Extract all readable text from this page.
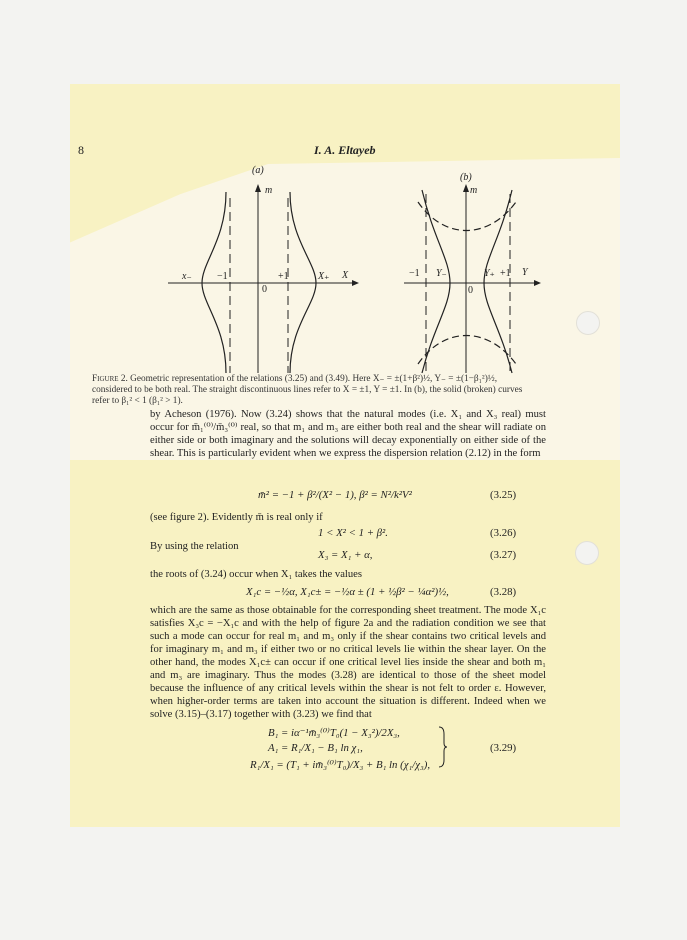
8	I. A. Eltayeb
(a)
m
X
x₋	X₊
−1	+1
0
(b)
m
Y
Y₋	Y₊
−1	+1
0
Figure 2. Geometric representation of the relations (3.25) and (3.49). Here X₋ = ±(1+β²)½, Y₋ = ±(1−β₁²)½, considered to be both real. The straight discontinuous lines refer to X = ±1, Y = ±1. In (b), the solid (broken) curves refer to β₁² < 1 (β₁² > 1).
by Acheson (1976). Now (3.24) shows that the natural modes (i.e. X₁ and X₃ real) must occur for m̄₁⁽⁰⁾/m̄₃⁽⁰⁾ real, so that m₁ and m₃ are either both real and the shear will radiate on either side or both imaginary and the solutions will decay exponentially on either side of the shear. This is particularly evident when we express the dispersion relation (2.12) in the form
m̄² = −1 + β²/(X² − 1), β² = N²/k²V²	(3.25)
(see figure 2). Evidently m̄ is real only if
1 < X² < 1 + β².	(3.26)
By using the relation
X₃ = X₁ + α,	(3.27)
the roots of (3.24) occur when X₁ takes the values
X₁c = −½α, X₁c± = −½α ± (1 + ½β² − ¼α²)½,	(3.28)
which are the same as those obtainable for the corresponding sheet treatment. The mode X₁c satisfies X₃c = −X₁c and with the help of figure 2a and the radiation condition we see that such a mode can occur for real m₁ and m₃ only if the shear contains two critical levels and for imaginary m₁ and m₃ if either two or no critical levels lie within the shear layer. On the other hand, the modes X₁c± can occur if one critical level lies inside the shear and both m₁ and m₃ are imaginary. Thus the modes (3.28) are identical to those of the sheet model because the influence of any critical levels within the shear is not felt to order ε. However, when higher-order terms are taken into account the situation is different. Indeed when we solve (3.15)–(3.17) together with (3.23) we find that
B₁ = iα⁻¹m̄₃⁽⁰⁾T₀(1 − X₃²)/2X₃,
A₁ = R₁/X₁ − B₁ ln χ₁,
R₁/X₁ = (T₁ + im̄₃⁽⁰⁾T₀)/X₃ + B₁ ln (χ₁/χ₃),
(3.29)
